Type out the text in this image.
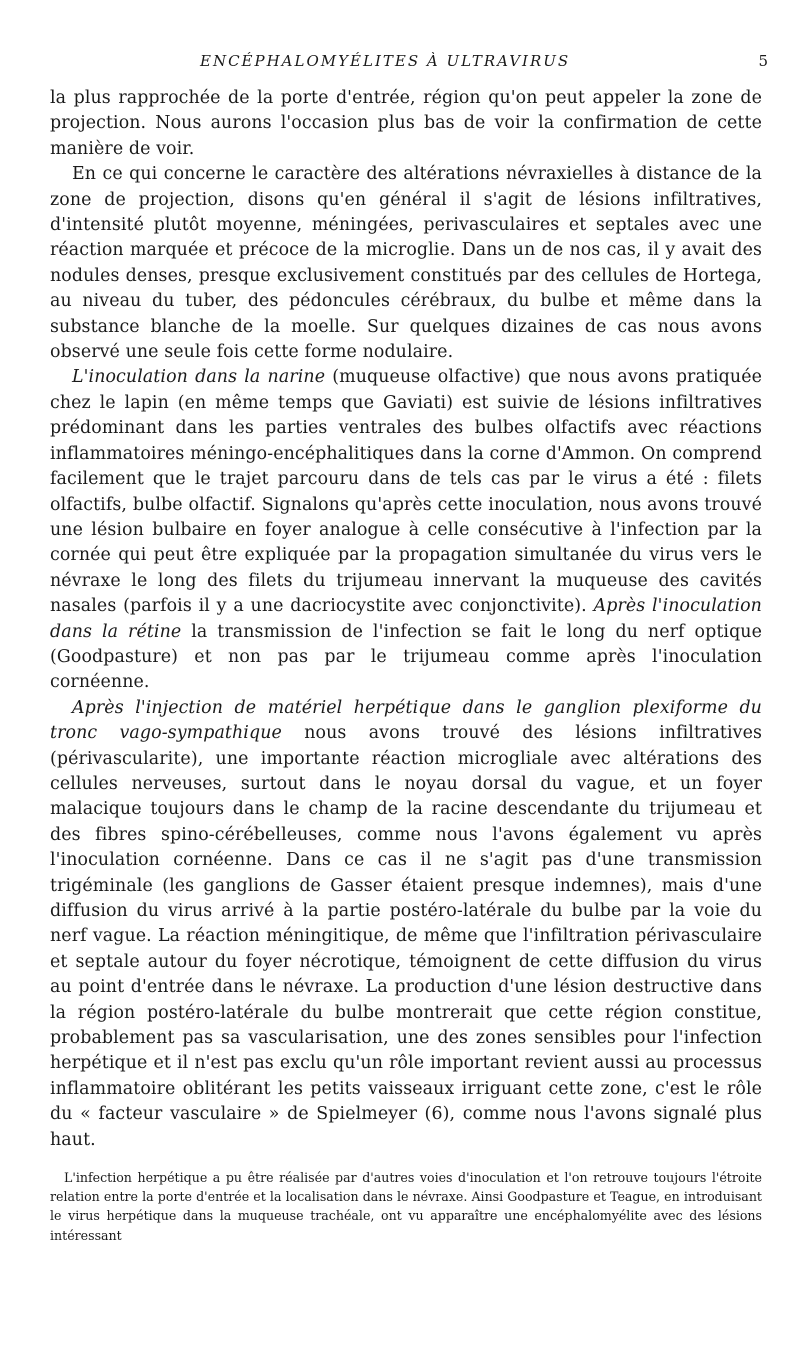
ENCÉPHALOMYÉLITES À ULTRAVIRUS	5

la plus rapprochée de la porte d'entrée, région qu'on peut appeler la zone de projection. Nous aurons l'occasion plus bas de voir la confirmation de cette manière de voir.

En ce qui concerne le caractère des altérations névraxielles à distance de la zone de projection, disons qu'en général il s'agit de lésions infiltratives, d'intensité plutôt moyenne, méningées, perivasculaires et septales avec une réaction marquée et précoce de la microglie. Dans un de nos cas, il y avait des nodules denses, presque exclusivement constitués par des cellules de Hortega, au niveau du tuber, des pédoncules cérébraux, du bulbe et même dans la substance blanche de la moelle. Sur quelques dizaines de cas nous avons observé une seule fois cette forme nodulaire.

L'inoculation dans la narine (muqueuse olfactive) que nous avons pratiquée chez le lapin (en même temps que Gaviati) est suivie de lésions infiltratives prédominant dans les parties ventrales des bulbes olfactifs avec réactions inflammatoires méningo-encéphalitiques dans la corne d'Ammon. On comprend facilement que le trajet parcouru dans de tels cas par le virus a été : filets olfactifs, bulbe olfactif. Signalons qu'après cette inoculation, nous avons trouvé une lésion bulbaire en foyer analogue à celle consécutive à l'infection par la cornée qui peut être expliquée par la propagation simultanée du virus vers le névraxe le long des filets du trijumeau innervant la muqueuse des cavités nasales (parfois il y a une dacriocystite avec conjonctivite). Après l'inoculation dans la rétine la transmission de l'infection se fait le long du nerf optique (Goodpasture) et non pas par le trijumeau comme après l'inoculation cornéenne.

Après l'injection de matériel herpétique dans le ganglion plexiforme du tronc vago-sympathique nous avons trouvé des lésions infiltratives (périvascularite), une importante réaction microgliale avec altérations des cellules nerveuses, surtout dans le noyau dorsal du vague, et un foyer malacique toujours dans le champ de la racine descendante du trijumeau et des fibres spino-cérébelleuses, comme nous l'avons également vu après l'inoculation cornéenne. Dans ce cas il ne s'agit pas d'une transmission trigéminale (les ganglions de Gasser étaient presque indemnes), mais d'une diffusion du virus arrivé à la partie postéro-latérale du bulbe par la voie du nerf vague. La réaction méningitique, de même que l'infiltration périvasculaire et septale autour du foyer nécrotique, témoignent de cette diffusion du virus au point d'entrée dans le névraxe. La production d'une lésion destructive dans la région postéro-latérale du bulbe montrerait que cette région constitue, probablement pas sa vascularisation, une des zones sensibles pour l'infection herpétique et il n'est pas exclu qu'un rôle important revient aussi au processus inflammatoire oblitérant les petits vaisseaux irriguant cette zone, c'est le rôle du « facteur vasculaire » de Spielmeyer (6), comme nous l'avons signalé plus haut.

L'infection herpétique a pu être réalisée par d'autres voies d'inoculation et l'on retrouve toujours l'étroite relation entre la porte d'entrée et la localisation dans le névraxe. Ainsi Goodpasture et Teague, en introduisant le virus herpétique dans la muqueuse trachéale, ont vu apparaître une encéphalomyélite avec des lésions intéressant
